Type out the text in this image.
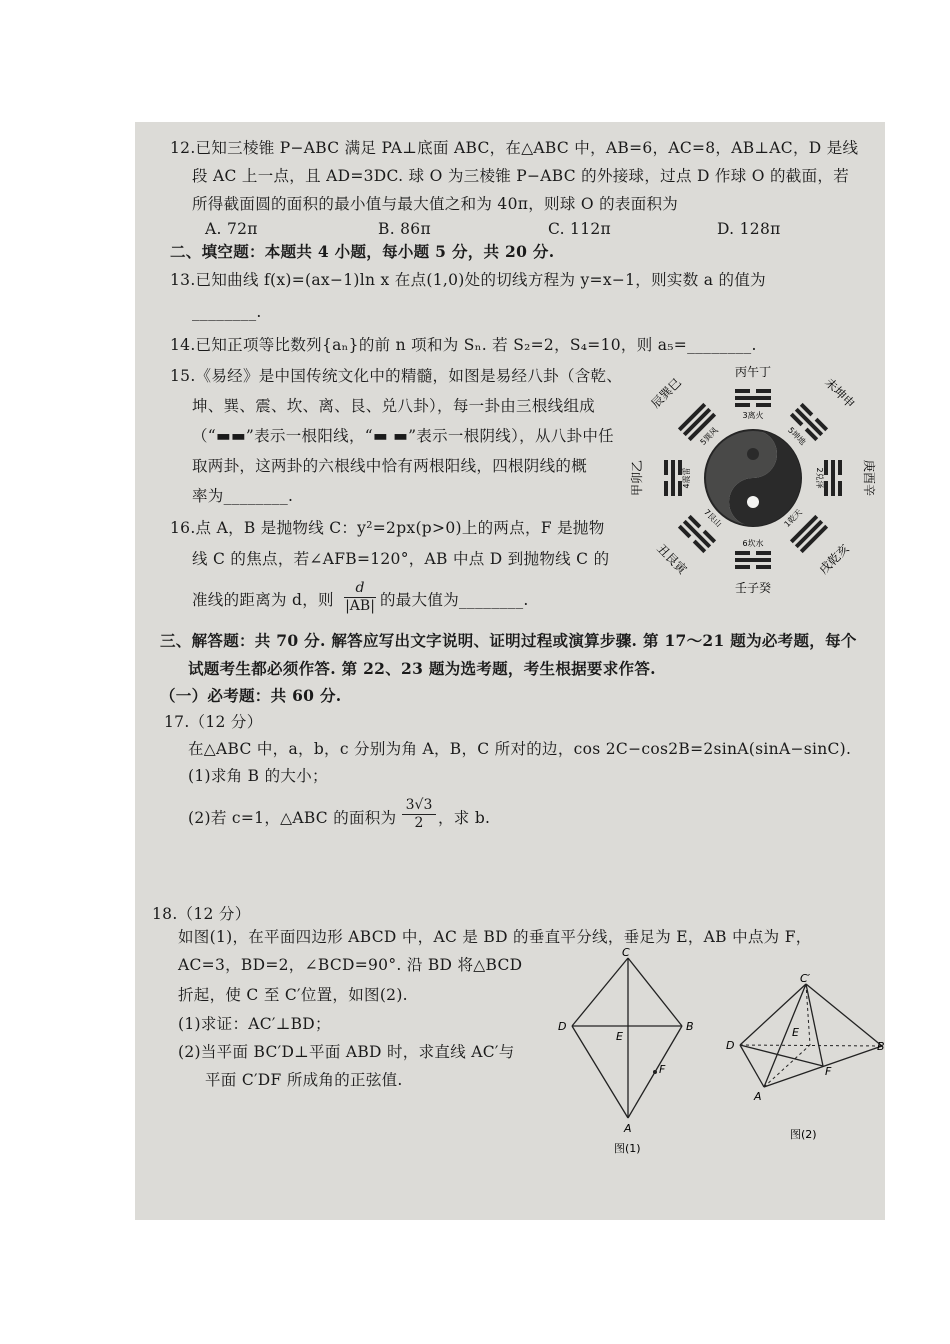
12.已知三棱锥 P−ABC 满足 PA⊥底面 ABC，在△ABC 中，AB=6，AC=8，AB⊥AC，D 是线
段 AC 上一点，且 AD=3DC. 球 O 为三棱锥 P−ABC 的外接球，过点 D 作球 O 的截面，若
所得截面圆的面积的最小值与最大值之和为 40π，则球 O 的表面积为
A. 72π	B. 86π	C. 112π	D. 128π
二、填空题：本题共 4 小题，每小题 5 分，共 20 分.
13.已知曲线 f(x)=(ax−1)ln x 在点(1,0)处的切线方程为 y=x−1，则实数 a 的值为
________.
14.已知正项等比数列{aₙ}的前 n 项和为 Sₙ. 若 S₂=2，S₄=10，则 a₅=________.
15.《易经》是中国传统文化中的精髓，如图是易经八卦（含乾、
坤、巽、震、坎、离、艮、兑八卦），每一卦由三根线组成
（“▬▬”表示一根阳线，“▬ ▬”表示一根阴线），从八卦中任
取两卦，这两卦的六根线中恰有两根阳线，四根阴线的概
率为________.
丙午丁
壬子癸
甲卯乙	庚酉辛
辰巽巳	未坤申
丑艮寅	戌乾亥
3离火
6坎水
4震雷	2兑泽
5巽风	5坤地
7艮山	1乾天
16.点 A，B 是抛物线 C：y²=2px(p>0)上的两点，F 是抛物
线 C 的焦点，若∠AFB=120°，AB 中点 D 到抛物线 C 的
准线的距离为 d，则 $\frac{d}{|AB|}$ 的最大值为________.
三、解答题：共 70 分. 解答应写出文字说明、证明过程或演算步骤. 第 17～21 题为必考题，每个
试题考生都必须作答. 第 22、23 题为选考题，考生根据要求作答.
（一）必考题：共 60 分.
17.（12 分）
在△ABC 中，a，b，c 分别为角 A，B，C 所对的边，cos 2C−cos2B=2sinA(sinA−sinC).
(1)求角 B 的大小；
(2)若 c=1，△ABC 的面积为 $\frac{3√3}{2}$ ，求 b.
18.（12 分）
如图(1)，在平面四边形 ABCD 中，AC 是 BD 的垂直平分线，垂足为 E，AB 中点为 F，
AC=3，BD=2，∠BCD=90°. 沿 BD 将△BCD
折起，使 C 至 C′位置，如图(2).
(1)求证：AC′⊥BD；
(2)当平面 BC′D⊥平面 ABD 时，求直线 AC′与
平面 C′DF 所成角的正弦值.
C
D	B
E
F
A
图(1)
C′
D	B
E
F
A
图(2)
